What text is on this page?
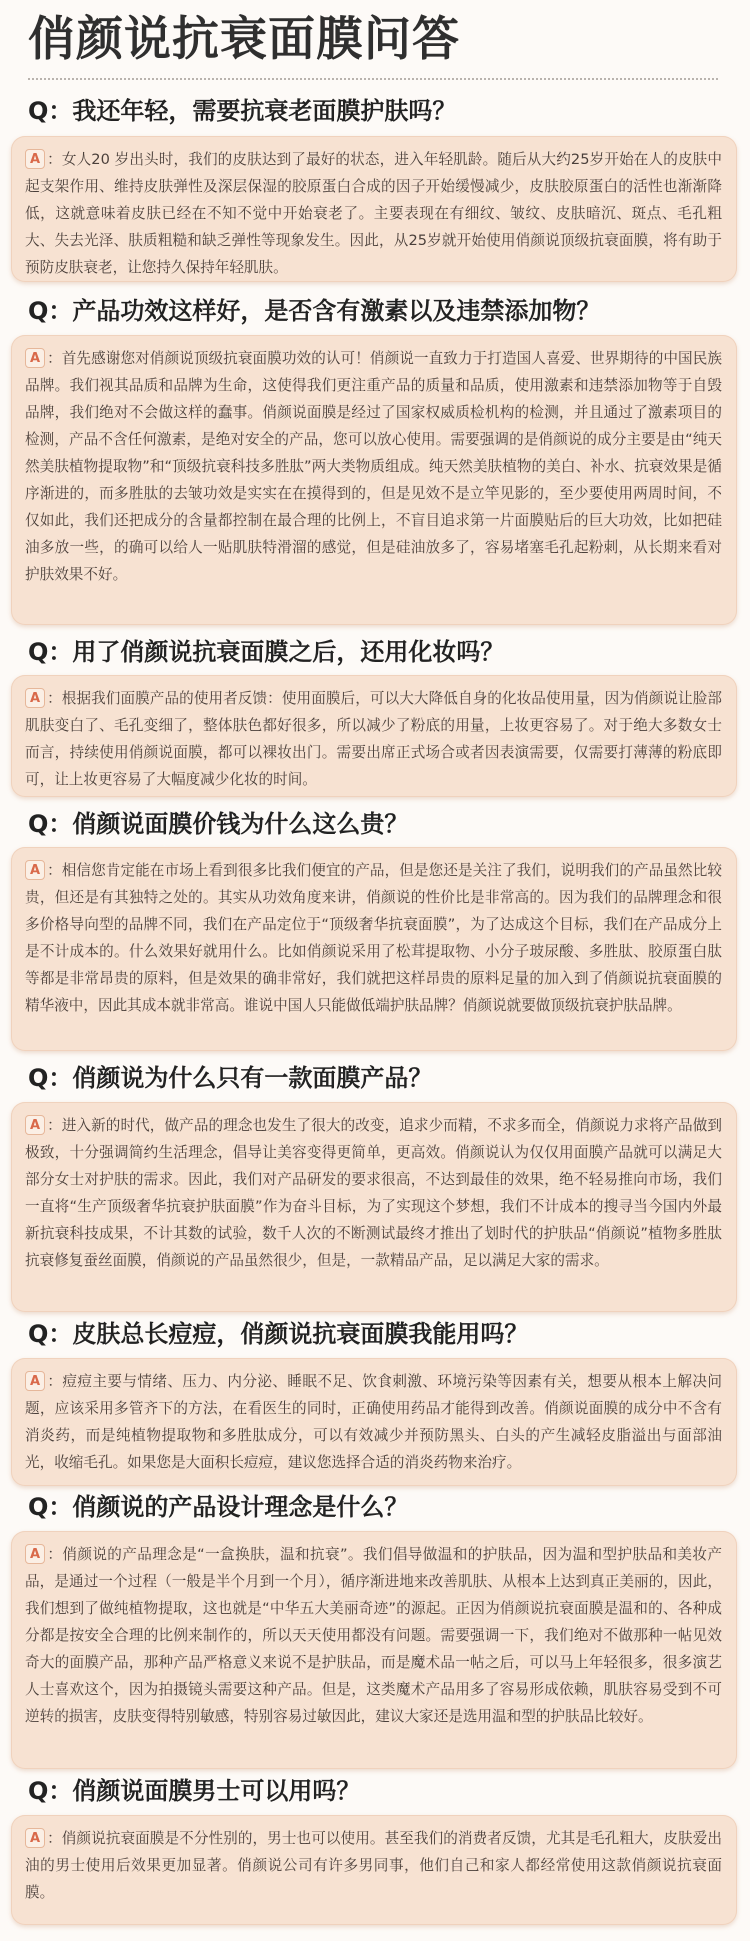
俏颜说抗衰面膜问答
Q：我还年轻，需要抗衰老面膜护肤吗？
A ：女人20 岁出头时，我们的皮肤达到了最好的状态，进入年轻肌龄。随后从大约25岁开始在人的皮肤中起支架作用、维持皮肤弹性及深层保湿的胶原蛋白合成的因子开始缓慢减少，皮肤胶原蛋白的活性也渐渐降低，这就意味着皮肤已经在不知不觉中开始衰老了。主要表现在有细纹、皱纹、皮肤暗沉、斑点、毛孔粗大、失去光泽、肤质粗糙和缺乏弹性等现象发生。因此，从25岁就开始使用俏颜说顶级抗衰面膜，将有助于预防皮肤衰老，让您持久保持年轻肌肤。
Q：产品功效这样好，是否含有激素以及违禁添加物？
A ：首先感谢您对俏颜说顶级抗衰面膜功效的认可！俏颜说一直致力于打造国人喜爱、世界期待的中国民族品牌。我们视其品质和品牌为生命，这使得我们更注重产品的质量和品质，使用激素和违禁添加物等于自毁品牌，我们绝对不会做这样的蠢事。俏颜说面膜是经过了国家权威质检机构的检测，并且通过了激素项目的检测，产品不含任何激素，是绝对安全的产品，您可以放心使用。需要强调的是俏颜说的成分主要是由“纯天然美肤植物提取物”和“顶级抗衰科技多胜肽”两大类物质组成。纯天然美肤植物的美白、补水、抗衰效果是循序渐进的，而多胜肽的去皱功效是实实在在摸得到的，但是见效不是立竿见影的，至少要使用两周时间，不仅如此，我们还把成分的含量都控制在最合理的比例上，不盲目追求第一片面膜贴后的巨大功效，比如把硅油多放一些，的确可以给人一贴肌肤特滑溜的感觉，但是硅油放多了，容易堵塞毛孔起粉刺，从长期来看对护肤效果不好。
Q：用了俏颜说抗衰面膜之后，还用化妆吗？
A ：根据我们面膜产品的使用者反馈：使用面膜后，可以大大降低自身的化妆品使用量，因为俏颜说让脸部肌肤变白了、毛孔变细了，整体肤色都好很多，所以减少了粉底的用量，上妆更容易了。对于绝大多数女士而言，持续使用俏颜说面膜，都可以裸妆出门。需要出席正式场合或者因表演需要，仅需要打薄薄的粉底即可，让上妆更容易了大幅度减少化妆的时间。
Q：俏颜说面膜价钱为什么这么贵？
A ：相信您肯定能在市场上看到很多比我们便宜的产品，但是您还是关注了我们，说明我们的产品虽然比较贵，但还是有其独特之处的。其实从功效角度来讲，俏颜说的性价比是非常高的。因为我们的品牌理念和很多价格导向型的品牌不同，我们在产品定位于“顶级奢华抗衰面膜”，为了达成这个目标，我们在产品成分上是不计成本的。什么效果好就用什么。比如俏颜说采用了松茸提取物、小分子玻尿酸、多胜肽、胶原蛋白肽等都是非常昂贵的原料，但是效果的确非常好，我们就把这样昂贵的原料足量的加入到了俏颜说抗衰面膜的精华液中，因此其成本就非常高。谁说中国人只能做低端护肤品牌？俏颜说就要做顶级抗衰护肤品牌。
Q：俏颜说为什么只有一款面膜产品？
A ：进入新的时代，做产品的理念也发生了很大的改变，追求少而精，不求多而全，俏颜说力求将产品做到极致，十分强调简约生活理念，倡导让美容变得更简单，更高效。俏颜说认为仅仅用面膜产品就可以满足大部分女士对护肤的需求。因此，我们对产品研发的要求很高，不达到最佳的效果，绝不轻易推向市场，我们一直将“生产顶级奢华抗衰护肤面膜”作为奋斗目标，为了实现这个梦想，我们不计成本的搜寻当今国内外最新抗衰科技成果，不计其数的试验，数千人次的不断测试最终才推出了划时代的护肤品“俏颜说”植物多胜肽抗衰修复蚕丝面膜，俏颜说的产品虽然很少，但是，一款精品产品，足以满足大家的需求。
Q：皮肤总长痘痘，俏颜说抗衰面膜我能用吗？
A ：痘痘主要与情绪、压力、内分泌、睡眠不足、饮食刺激、环境污染等因素有关，想要从根本上解决问题，应该采用多管齐下的方法，在看医生的同时，正确使用药品才能得到改善。俏颜说面膜的成分中不含有消炎药，而是纯植物提取物和多胜肽成分，可以有效减少并预防黑头、白头的产生减轻皮脂溢出与面部油光，收缩毛孔。如果您是大面积长痘痘，建议您选择合适的消炎药物来治疗。
Q：俏颜说的产品设计理念是什么？
A ：俏颜说的产品理念是“一盒换肤，温和抗衰”。我们倡导做温和的护肤品，因为温和型护肤品和美妆产品，是通过一个过程（一般是半个月到一个月），循序渐进地来改善肌肤、从根本上达到真正美丽的，因此，我们想到了做纯植物提取，这也就是“中华五大美丽奇迹”的源起。正因为俏颜说抗衰面膜是温和的、各种成分都是按安全合理的比例来制作的，所以天天使用都没有问题。需要强调一下，我们绝对不做那种一帖见效奇大的面膜产品，那种产品严格意义来说不是护肤品，而是魔术品一帖之后，可以马上年轻很多，很多演艺人士喜欢这个，因为拍摄镜头需要这种产品。但是，这类魔术产品用多了容易形成依赖，肌肤容易受到不可逆转的损害，皮肤变得特别敏感，特别容易过敏因此，建议大家还是选用温和型的护肤品比较好。
Q：俏颜说面膜男士可以用吗？
A ：俏颜说抗衰面膜是不分性别的，男士也可以使用。甚至我们的消费者反馈，尤其是毛孔粗大，皮肤爱出油的男士使用后效果更加显著。俏颜说公司有许多男同事，他们自己和家人都经常使用这款俏颜说抗衰面膜。
